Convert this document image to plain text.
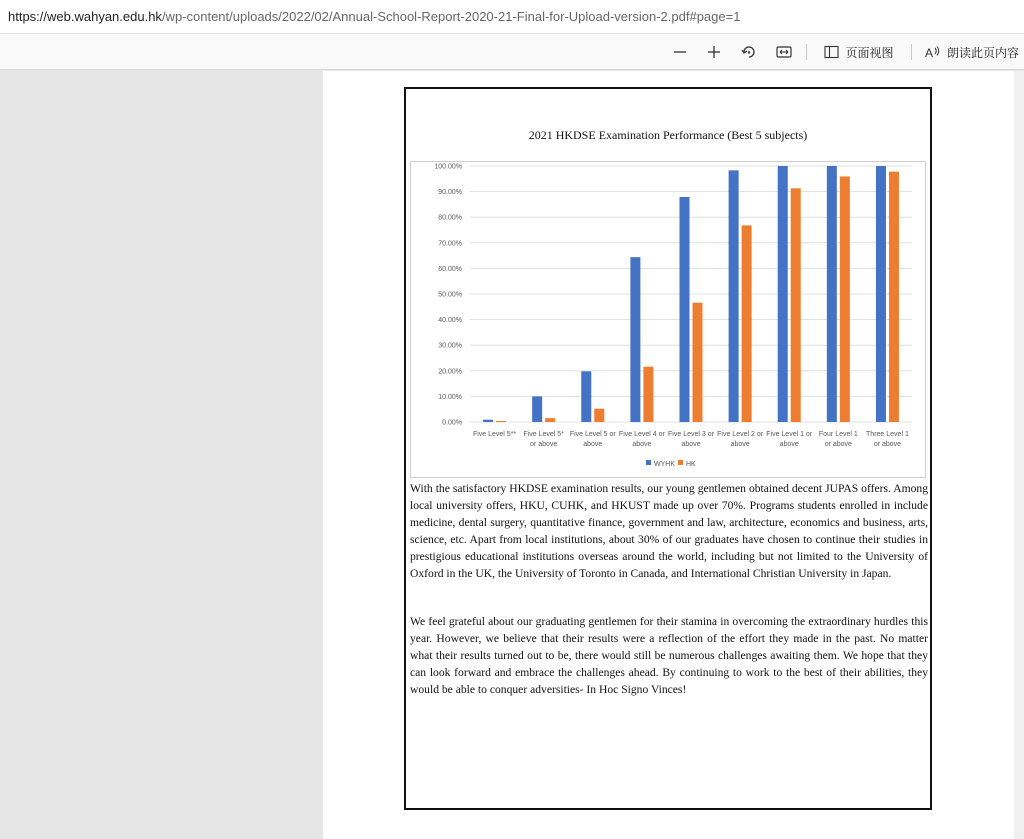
https://web.wahyan.edu.hk /wp-content/uploads/2022/02/Annual-School-Report-2020-21-Final-for-Upload-version-2.pdf#page=1
页面视图	A 朗读此页内容
2021 HKDSE Examination Performance (Best 5 subjects)
0.00%
10.00%
20.00%
30.00%
40.00%
50.00%
60.00%
70.00%
80.00%
90.00%
100.00%
Five Level 5** Five Level 5*
or above
Five Level 5 or
above
Five Level 4 or
above
Five Level 3 or
above
Five Level 2 or
above
Five Level 1 or
above
Four Level 1
or above
Three Level 1
or above
WYHK HK

With the satisfactory HKDSE examination results, our young gentlemen obtained decent JUPAS offers. Among local university offers, HKU, CUHK, and HKUST made up over 70%. Programs students enrolled in include medicine, dental surgery, quantitative finance, government and law, architecture, economics and business, arts, science, etc. Apart from local institutions, about 30% of our graduates have chosen to continue their studies in prestigious educational institutions overseas around the world, including but not limited to the University of Oxford in the UK, the University of Toronto in Canada, and International Christian University in Japan.

We feel grateful about our graduating gentlemen for their stamina in overcoming the extraordinary hurdles this year. However, we believe that their results were a reflection of the effort they made in the past. No matter what their results turned out to be, there would still be numerous challenges awaiting them. We hope that they can look forward and embrace the challenges ahead. By continuing to work to the best of their abilities, they would be able to conquer adversities- In Hoc Signo Vinces!
